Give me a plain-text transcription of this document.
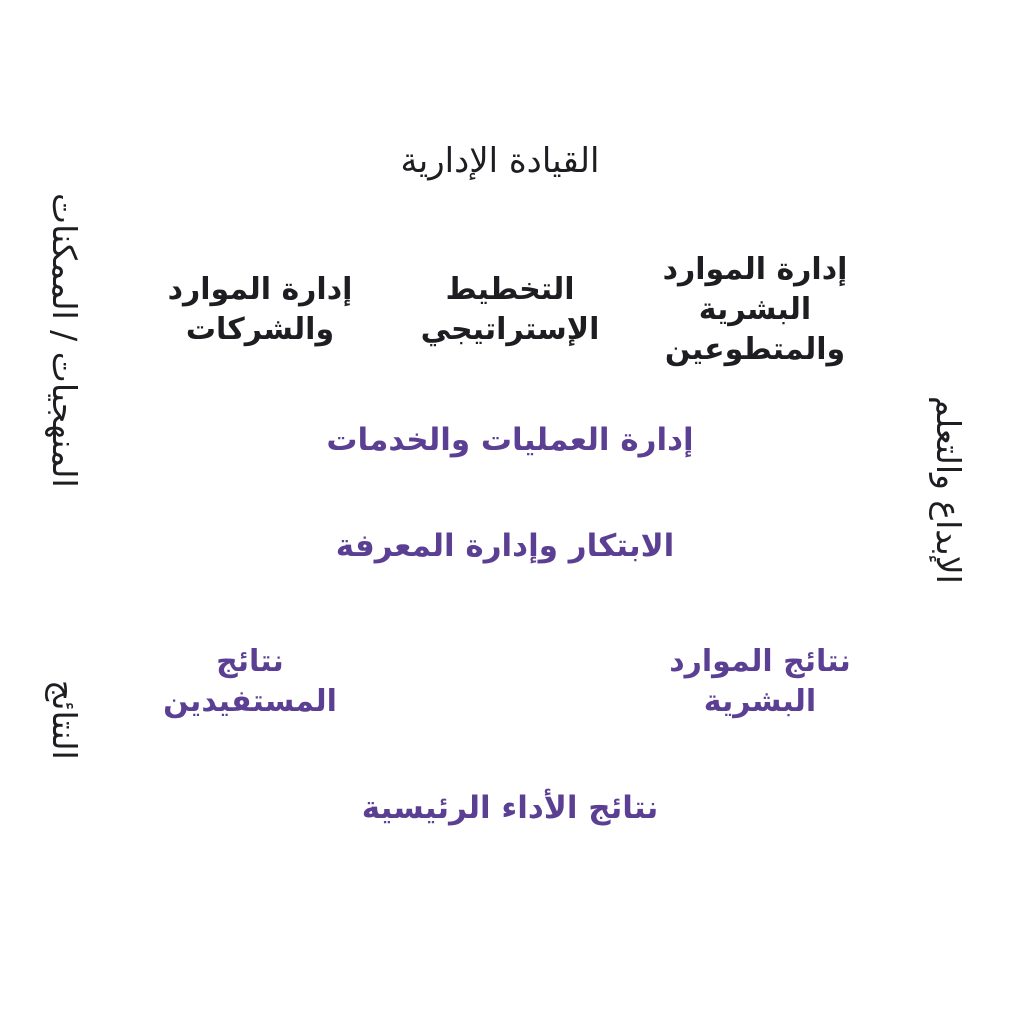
القيادة الإدارية
إدارة الموارد
البشرية
والمتطوعين
التخطيط
الإستراتيجي
إدارة الموارد
والشركات
إدارة العمليات والخدمات
الابتكار وإدارة المعرفة
نتائج الموارد
البشرية
نتائج
المستفيدين
نتائج الأداء الرئيسية
المنهجيات / الممكنات
النتائج
الإبداع والتعلم
